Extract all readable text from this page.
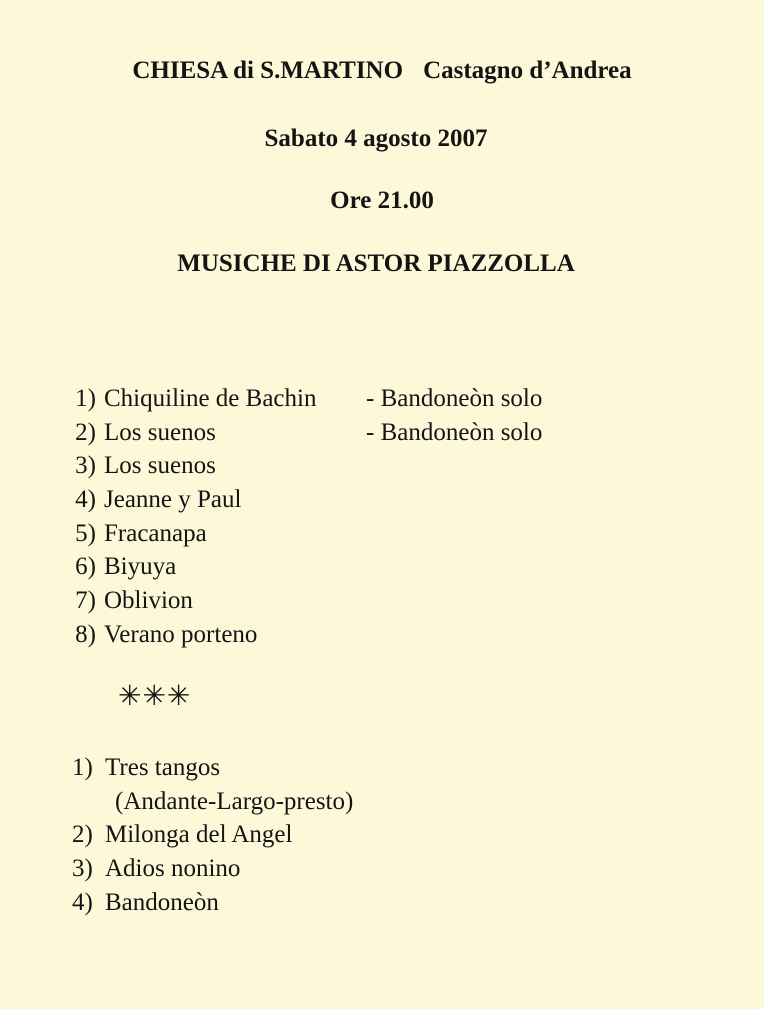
CHIESA di S.MARTINO Castagno d’Andrea
Sabato 4 agosto 2007
Ore 21.00
MUSICHE DI ASTOR PIAZZOLLA
1) Chiquiline de Bachin - Bandoneòn solo
2) Los suenos	- Bandoneòn solo
3) Los suenos
4) Jeanne y Paul
5) Fracanapa
6) Biyuya
7) Oblivion
8) Verano porteno
✳✳✳
1) Tres tangos
(Andante-Largo-presto)
2) Milonga del Angel
3) Adios nonino
4) Bandoneòn
